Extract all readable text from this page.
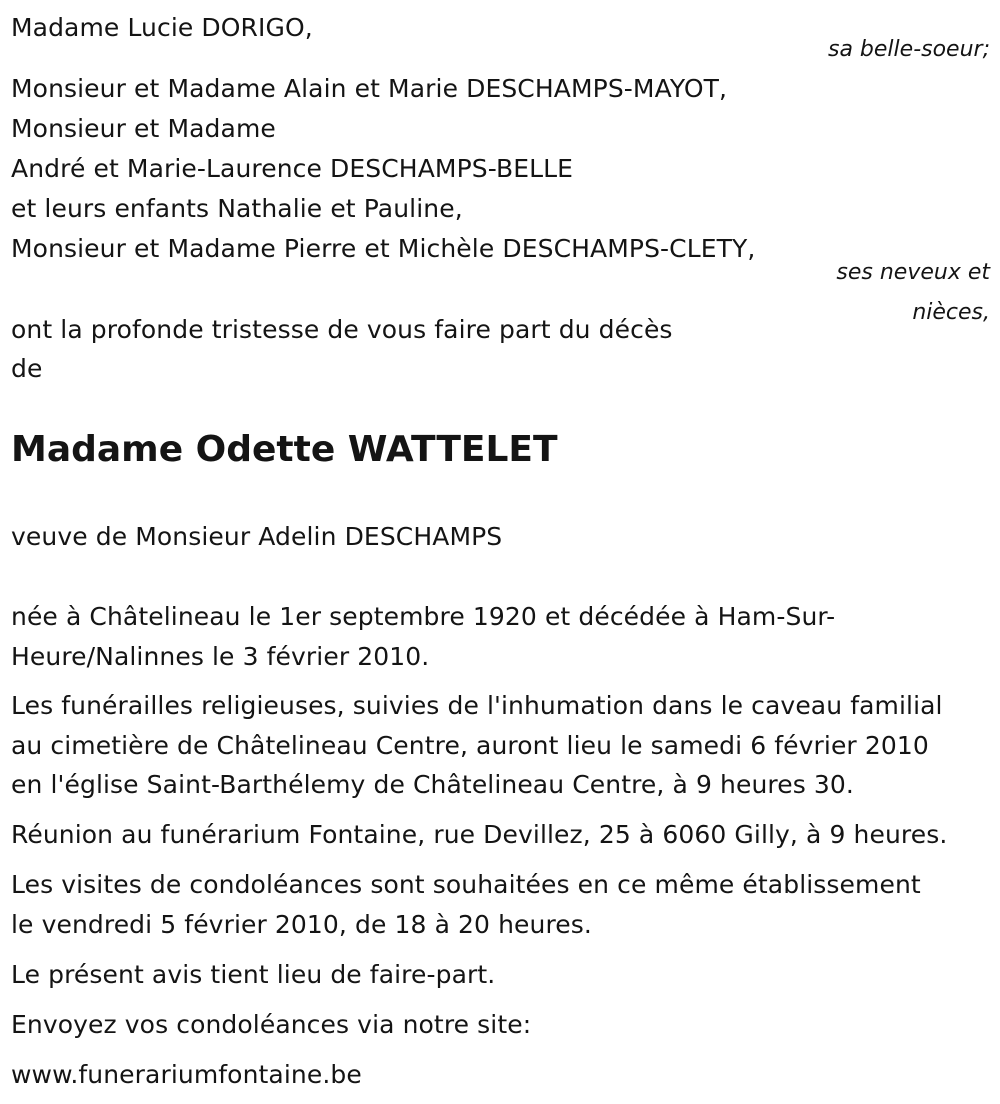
Madame Lucie DORIGO,
sa belle-soeur;
Monsieur et Madame Alain et Marie DESCHAMPS-MAYOT,
Monsieur et Madame
André et Marie-Laurence DESCHAMPS-BELLE
et leurs enfants Nathalie et Pauline,
Monsieur et Madame Pierre et Michèle DESCHAMPS-CLETY,
ses neveux et
nièces,
ont la profonde tristesse de vous faire part du décès
de
Madame Odette WATTELET
veuve de Monsieur Adelin DESCHAMPS
née à Châtelineau le 1er septembre 1920 et décédée à Ham-Sur-
Heure/Nalinnes le 3 février 2010.
Les funérailles religieuses, suivies de l'inhumation dans le caveau familial
au cimetière de Châtelineau Centre, auront lieu le samedi 6 février 2010
en l'église Saint-Barthélemy de Châtelineau Centre, à 9 heures 30.
Réunion au funérarium Fontaine, rue Devillez, 25 à 6060 Gilly, à 9 heures.
Les visites de condoléances sont souhaitées en ce même établissement
le vendredi 5 février 2010, de 18 à 20 heures.
Le présent avis tient lieu de faire-part.
Envoyez vos condoléances via notre site:
www.funerariumfontaine.be
